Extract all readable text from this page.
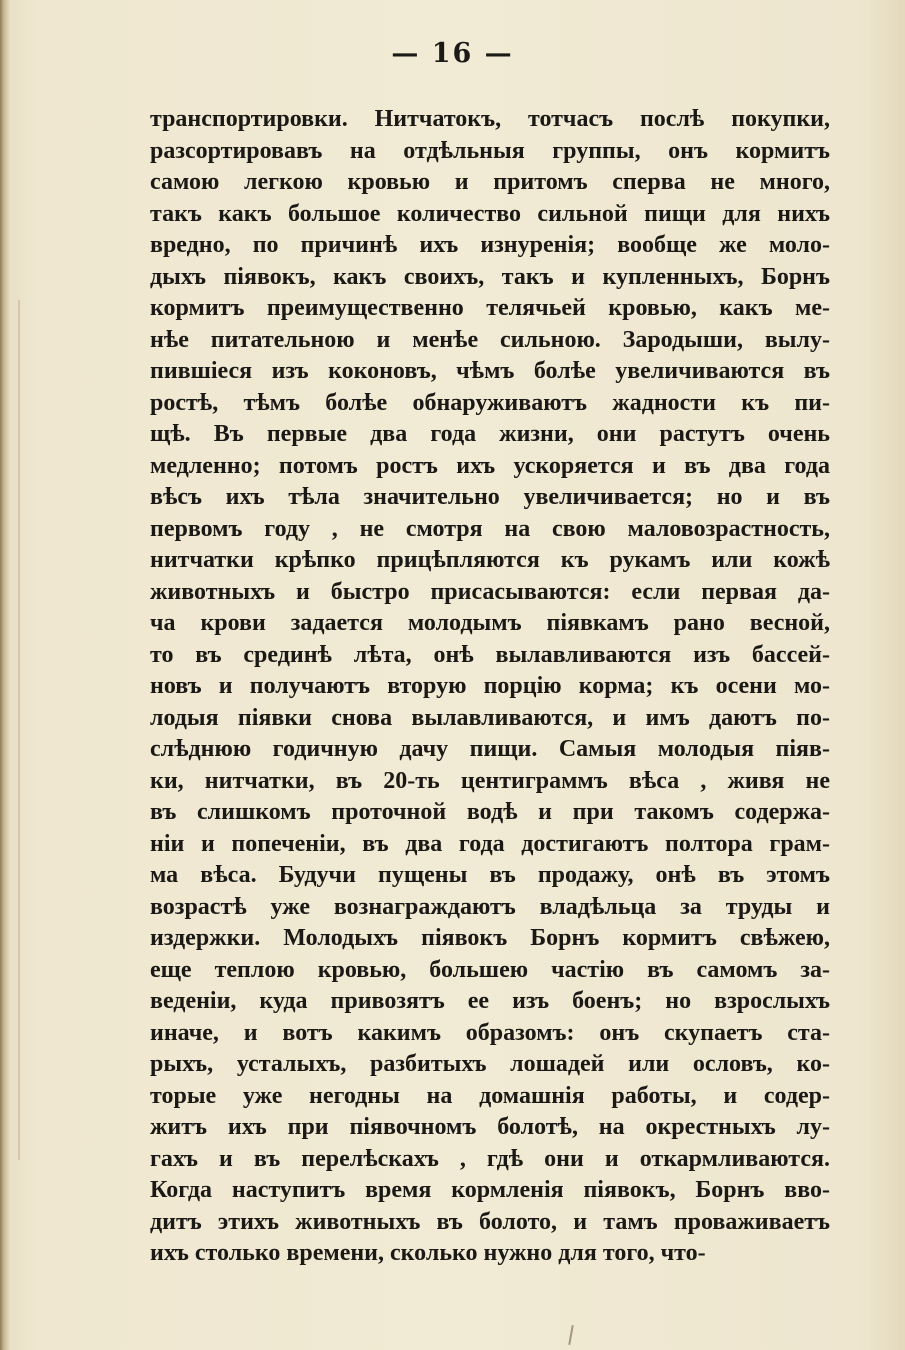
— 16 —
транспортировки. Нитчатокъ, тотчасъ послѣ покупки,
разсортировавъ на отдѣльныя группы, онъ кормитъ
самою легкою кровью и притомъ сперва не много,
такъ какъ большое количество сильной пищи для нихъ
вредно, по причинѣ ихъ изнуренія; вообще же моло-
дыхъ піявокъ, какъ своихъ, такъ и купленныхъ, Борнъ
кормитъ преимущественно телячьей кровью, какъ ме-
нѣе питательною и менѣе сильною. Зародыши, вылу-
пившіеся изъ коконовъ, чѣмъ болѣе увеличиваются въ
ростѣ, тѣмъ болѣе обнаруживаютъ жадности къ пи-
щѣ. Въ первые два года жизни, они растутъ очень
медленно; потомъ ростъ ихъ ускоряется и въ два года
вѣсъ ихъ тѣла значительно увеличивается; но и въ
первомъ году , не смотря на свою маловозрастность,
нитчатки крѣпко прицѣпляются къ рукамъ или кожѣ
животныхъ и быстро присасываются: если первая да-
ча крови задается молодымъ піявкамъ рано весной,
то въ срединѣ лѣта, онѣ вылавливаются изъ бассей-
новъ и получаютъ вторую порцію корма; къ осени мо-
лодыя піявки снова вылавливаются, и имъ даютъ по-
слѣднюю годичную дачу пищи. Самыя молодыя піяв-
ки, нитчатки, въ 20-ть центиграммъ вѣса , живя не
въ слишкомъ проточной водѣ и при такомъ содержа-
ніи и попеченіи, въ два года достигаютъ полтора грам-
ма вѣса. Будучи пущены въ продажу, онѣ въ этомъ
возрастѣ уже вознаграждаютъ владѣльца за труды и
издержки. Молодыхъ піявокъ Борнъ кормитъ свѣжею,
еще теплою кровью, большею частію въ самомъ за-
веденіи, куда привозятъ ее изъ боенъ; но взрослыхъ
иначе, и вотъ какимъ образомъ: онъ скупаетъ ста-
рыхъ, усталыхъ, разбитыхъ лошадей или ословъ, ко-
торые уже негодны на домашнія работы, и содер-
житъ ихъ при піявочномъ болотѣ, на окрестныхъ лу-
гахъ и въ перелѣскахъ , гдѣ они и откармливаются.
Когда наступитъ время кормленія піявокъ, Борнъ вво-
дитъ этихъ животныхъ въ болото, и тамъ проваживаетъ
ихъ столько времени, сколько нужно для того, что-
